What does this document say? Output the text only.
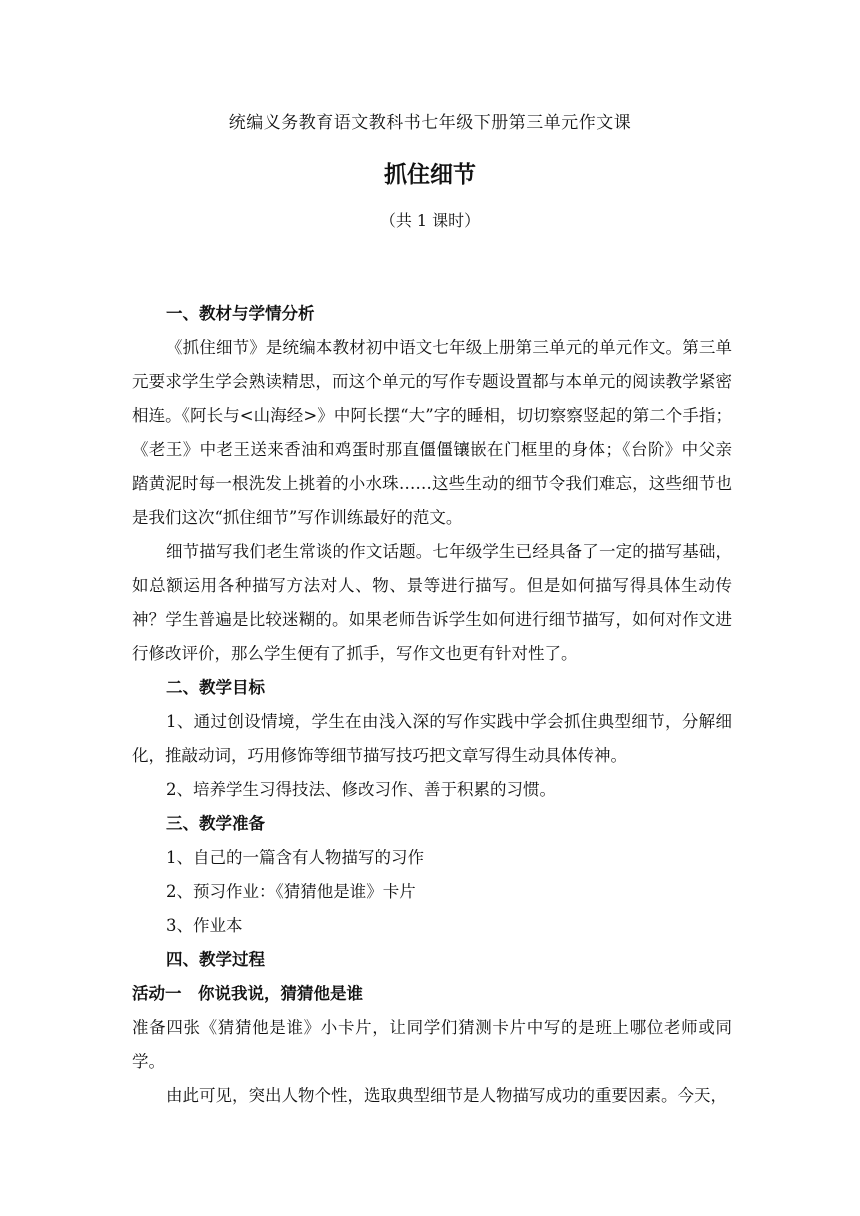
统编义务教育语文教科书七年级下册第三单元作文课
抓住细节
（共 1 课时）

一、教材与学情分析

《抓住细节》是统编本教材初中语文七年级上册第三单元的单元作文。第三单元要求学生学会熟读精思，而这个单元的写作专题设置都与本单元的阅读教学紧密相连。《阿长与<山海经>》中阿长摆“大”字的睡相，切切察察竖起的第二个手指；《老王》中老王送来香油和鸡蛋时那直僵僵镶嵌在门框里的身体；《台阶》中父亲踏黄泥时每一根洗发上挑着的小水珠……这些生动的细节令我们难忘，这些细节也是我们这次“抓住细节”写作训练最好的范文。

细节描写我们老生常谈的作文话题。七年级学生已经具备了一定的描写基础，如总额运用各种描写方法对人、物、景等进行描写。但是如何描写得具体生动传神？学生普遍是比较迷糊的。如果老师告诉学生如何进行细节描写，如何对作文进行修改评价，那么学生便有了抓手，写作文也更有针对性了。

二、教学目标

1、通过创设情境，学生在由浅入深的写作实践中学会抓住典型细节，分解细化，推敲动词，巧用修饰等细节描写技巧把文章写得生动具体传神。

2、培养学生习得技法、修改习作、善于积累的习惯。

三、教学准备

1、自己的一篇含有人物描写的习作

2、预习作业：《猜猜他是谁》卡片

3、作业本

四、教学过程

活动一　你说我说，猜猜他是谁

准备四张《猜猜他是谁》小卡片，让同学们猜测卡片中写的是班上哪位老师或同学。

由此可见，突出人物个性，选取典型细节是人物描写成功的重要因素。今天，
